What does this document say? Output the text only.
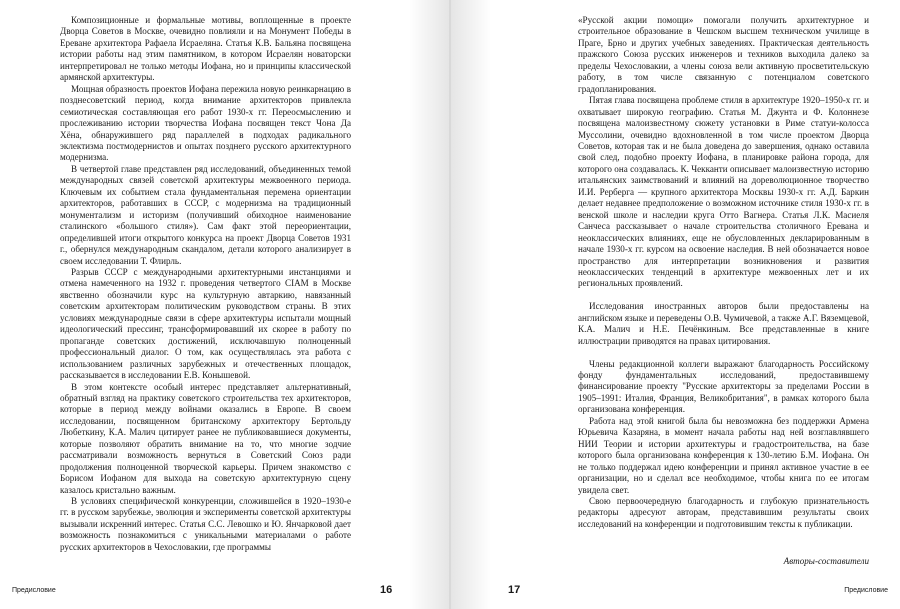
Композиционные и формальные мотивы, воплощенные в проекте Дворца Советов в Москве, очевидно повлияли и на Монумент Победы в Ереване архитектора Рафаела Исраеляна. Статья К.В. Бальяна посвящена истории работы над этим памятником, в котором Исраелян новаторски интерпретировал не только методы Иофана, но и принципы классической армянской архитектуры.

Мощная образность проектов Иофана пережила новую реинкарнацию в позднесоветский период, когда внимание архитекторов привлекла семиотическая составляющая его работ 1930-х гг. Переосмыслению и прослеживанию истории творчества Иофана посвящен текст Чона Да Хёна, обнаружившего ряд параллелей в подходах радикального эклектизма постмодернистов и опытах позднего русского архитектурного модернизма.

В четвертой главе представлен ряд исследований, объединенных темой международных связей советской архитектуры межвоенного периода. Ключевым их событием стала фундаментальная перемена ориентации архитекторов, работавших в СССР, с модернизма на традиционный монументализм и историзм (получивший обиходное наименование сталинского «большого стиля»). Сам факт этой переориентации, определившей итоги открытого конкурса на проект Дворца Советов 1931 г., обернулся международным скандалом, детали которого анализирует в своем исследовании Т. Флирль.

Разрыв СССР с международными архитектурными инстанциями и отмена намеченного на 1932 г. проведения четвертого CIAM в Москве явственно обозначили курс на культурную автаркию, навязанный советским архитекторам политическим руководством страны. В этих условиях международные связи в сфере архитектуры испытали мощный идеологический прессинг, трансформировавший их скорее в работу по пропаганде советских достижений, исключавшую полноценный профессиональный диалог. О том, как осуществлялась эта работа с использованием различных зарубежных и отечественных площадок, рассказывается в исследовании Е.В. Конышевой.

В этом контексте особый интерес представляет альтернативный, обратный взгляд на практику советского строительства тех архитекторов, которые в период между войнами оказались в Европе. В своем исследовании, посвященном британскому архитектору Бертольду Любеткину, К.А. Малич цитирует ранее не публиковавшиеся документы, которые позволяют обратить внимание на то, что многие зодчие рассматривали возможность вернуться в Советский Союз ради продолжения полноценной творческой карьеры. Причем знакомство с Борисом Иофаном для выхода на советскую архитектурную сцену казалось кристально важным.

В условиях специфической конкуренции, сложившейся в 1920–1930-е гг. в русском зарубежье, эволюция и эксперименты советской архитектуры вызывали искренний интерес. Статья С.С. Левошко и Ю. Янчарковой дает возможность познакомиться с уникальными материалами о работе русских архитекторов в Чехословакии, где программы

Предисловие	16

«Русской акции помощи» помогали получить архитектурное и строительное образование в Чешском высшем техническом училище в Праге, Брно и других учебных заведениях. Практическая деятельность пражского Союза русских инженеров и техников выходила далеко за пределы Чехословакии, а члены союза вели активную просветительскую работу, в том числе связанную с потенциалом советского градопланирования.

Пятая глава посвящена проблеме стиля в архитектуре 1920–1950-х гг. и охватывает широкую географию. Статья М. Джунта и Ф. Колоннезе посвящена малоизвестному сюжету установки в Риме статуи-колосса Муссолини, очевидно вдохновленной в том числе проектом Дворца Советов, которая так и не была доведена до завершения, однако оставила свой след, подобно проекту Иофана, в планировке района города, для которого она создавалась. К. Чекканти описывает малоизвестную историю итальянских заимствований и влияний на дореволюционное творчество И.И. Рерберга — крупного архитектора Москвы 1930-х гг. А.Д. Баркин делает недавнее предположение о возможном источнике стиля 1930-х гг. в венской школе и наследии круга Отто Вагнера. Статья Л.К. Масиеля Санчеса рассказывает о начале строительства столичного Еревана и неоклассических влияниях, еще не обусловленных декларированным в начале 1930-х гг. курсом на освоение наследия. В ней обозначается новое пространство для интерпретации возникновения и развития неоклассических тенденций в архитектуре межвоенных лет и их региональных проявлений.

Исследования иностранных авторов были предоставлены на английском языке и переведены О.В. Чумичевой, а также А.Г. Вяземцевой, К.А. Малич и Н.Е. Печёнкиным. Все представленные в книге иллюстрации приводятся на правах цитирования.

Члены редакционной коллеги выражают благодарность Российскому фонду фундаментальных исследований, предоставившему финансирование проекту "Русские архитекторы за пределами России в 1905–1991: Италия, Франция, Великобритания", в рамках которого была организована конференция.

Работа над этой книгой была бы невозможна без поддержки Армена Юрьевича Казаряна, в момент начала работы над ней возглавлявшего НИИ Теории и истории архитектуры и градостроительства, на базе которого была организована конференция к 130-летию Б.М. Иофана. Он не только поддержал идею конференции и принял активное участие в ее организации, но и сделал все необходимое, чтобы книга по ее итогам увидела свет.

Свою первоочередную благодарность и глубокую признательность редакторы адресуют авторам, представившим результаты своих исследований на конференции и подготовившим тексты к публикации.

Авторы-составители

17	Предисловие
